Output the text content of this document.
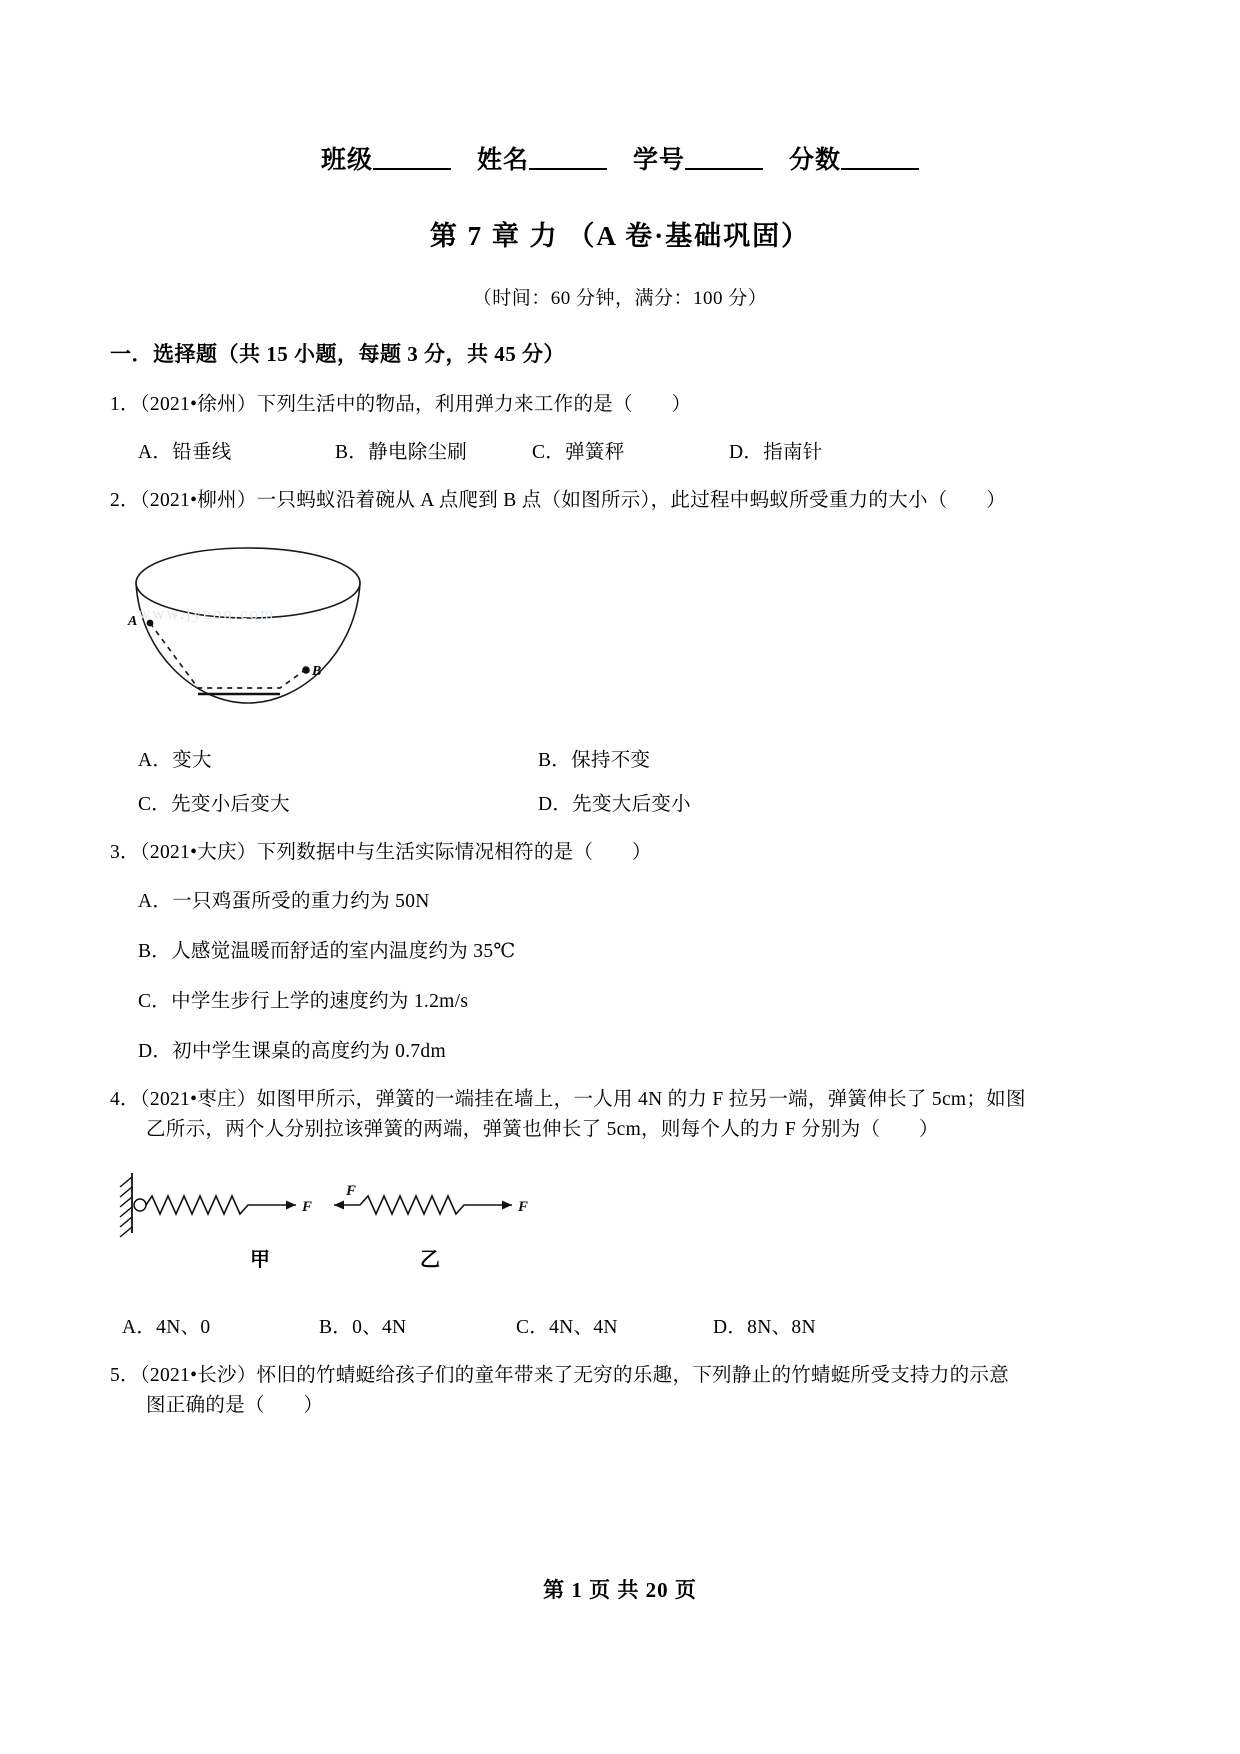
班级	姓名	学号	分数
第 7 章 力 （A 卷·基础巩固）
（时间：60 分钟，满分：100 分）
一．选择题（共 15 小题，每题 3 分，共 45 分）
1．（2021•徐州）下列生活中的物品，利用弹力来工作的是（ ）
A．铅垂线	B．静电除尘刷	C．弹簧秤	D．指南针
2．（2021•柳州）一只蚂蚁沿着碗从 A 点爬到 B 点（如图所示），此过程中蚂蚁所受重力的大小（ ）
www.jyeoo.com
A
B
A．变大	B．保持不变
C．先变小后变大	D．先变大后变小
3．（2021•大庆）下列数据中与生活实际情况相符的是（ ）
A．一只鸡蛋所受的重力约为 50N
B．人感觉温暖而舒适的室内温度约为 35℃
C．中学生步行上学的速度约为 1.2m/s
D．初中学生课桌的高度约为 0.7dm
4．（2021•枣庄）如图甲所示，弹簧的一端挂在墙上，一人用 4N 的力 F 拉另一端，弹簧伸长了 5cm；如图
乙所示，两个人分别拉该弹簧的两端，弹簧也伸长了 5cm，则每个人的力 F 分别为（ ）
F
F
F
甲	乙
A．4N、0	B．0、4N	C．4N、4N	D．8N、8N
5．（2021•长沙）怀旧的竹蜻蜓给孩子们的童年带来了无穷的乐趣，下列静止的竹蜻蜓所受支持力的示意
图正确的是（ ）
第 1 页 共 20 页
